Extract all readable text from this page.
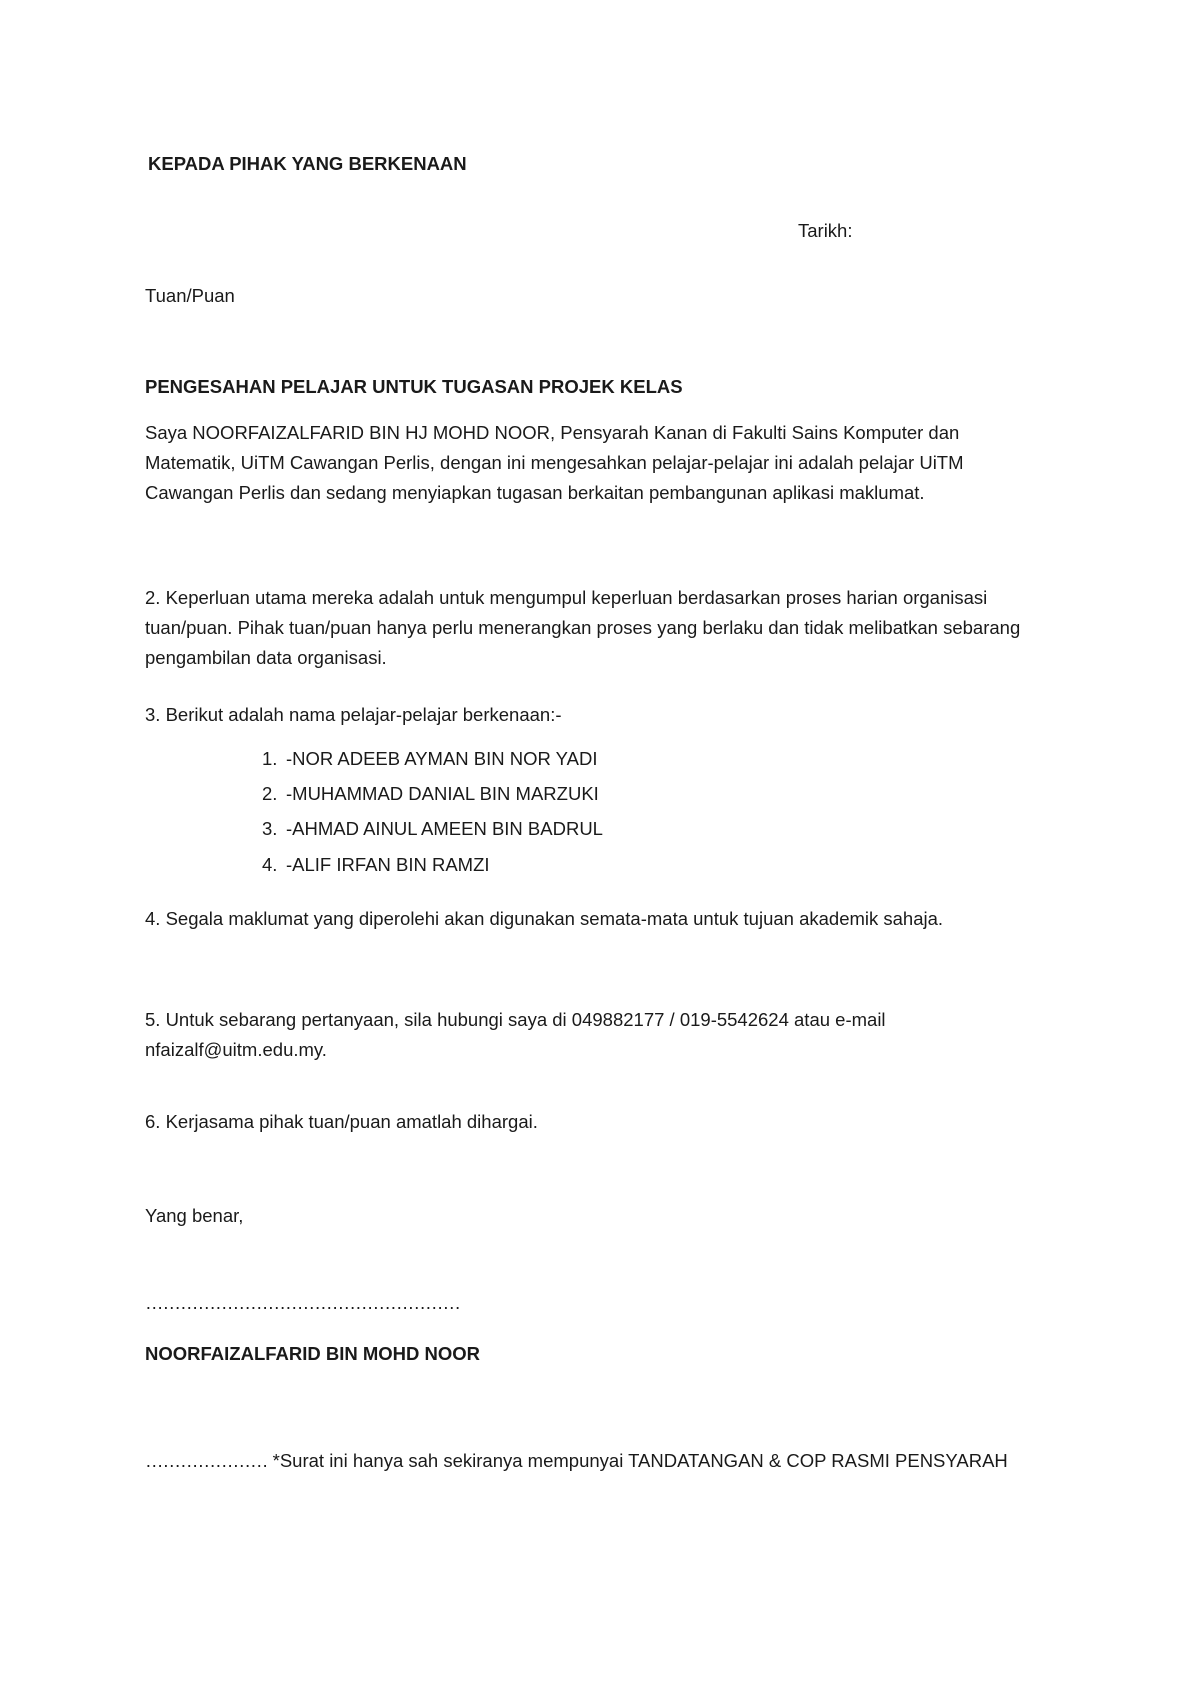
KEPADA PIHAK YANG BERKENAAN
Tarikh:
Tuan/Puan
PENGESAHAN PELAJAR UNTUK TUGASAN PROJEK KELAS
Saya NOORFAIZALFARID BIN HJ MOHD NOOR, Pensyarah Kanan di Fakulti Sains Komputer dan Matematik, UiTM Cawangan Perlis, dengan ini mengesahkan pelajar-pelajar ini adalah pelajar UiTM Cawangan Perlis dan sedang menyiapkan tugasan berkaitan pembangunan aplikasi maklumat.
2. Keperluan utama mereka adalah untuk mengumpul keperluan berdasarkan proses harian organisasi tuan/puan. Pihak tuan/puan hanya perlu menerangkan proses yang berlaku dan tidak melibatkan sebarang pengambilan data organisasi.
3. Berikut adalah nama pelajar-pelajar berkenaan:-
1. -NOR ADEEB AYMAN BIN NOR YADI
2. -MUHAMMAD DANIAL BIN MARZUKI
3. -AHMAD AINUL AMEEN BIN BADRUL
4. -ALIF IRFAN BIN RAMZI
4. Segala maklumat yang diperolehi akan digunakan semata-mata untuk tujuan akademik sahaja.
5. Untuk sebarang pertanyaan, sila hubungi saya di 049882177 / 019-5542624 atau e-mail nfaizalf@uitm.edu.my.
6. Kerjasama pihak tuan/puan amatlah dihargai.
Yang benar,
………………………………………………
NOORFAIZALFARID BIN MOHD NOOR
………………… *Surat ini hanya sah sekiranya mempunyai TANDATANGAN & COP RASMI PENSYARAH
